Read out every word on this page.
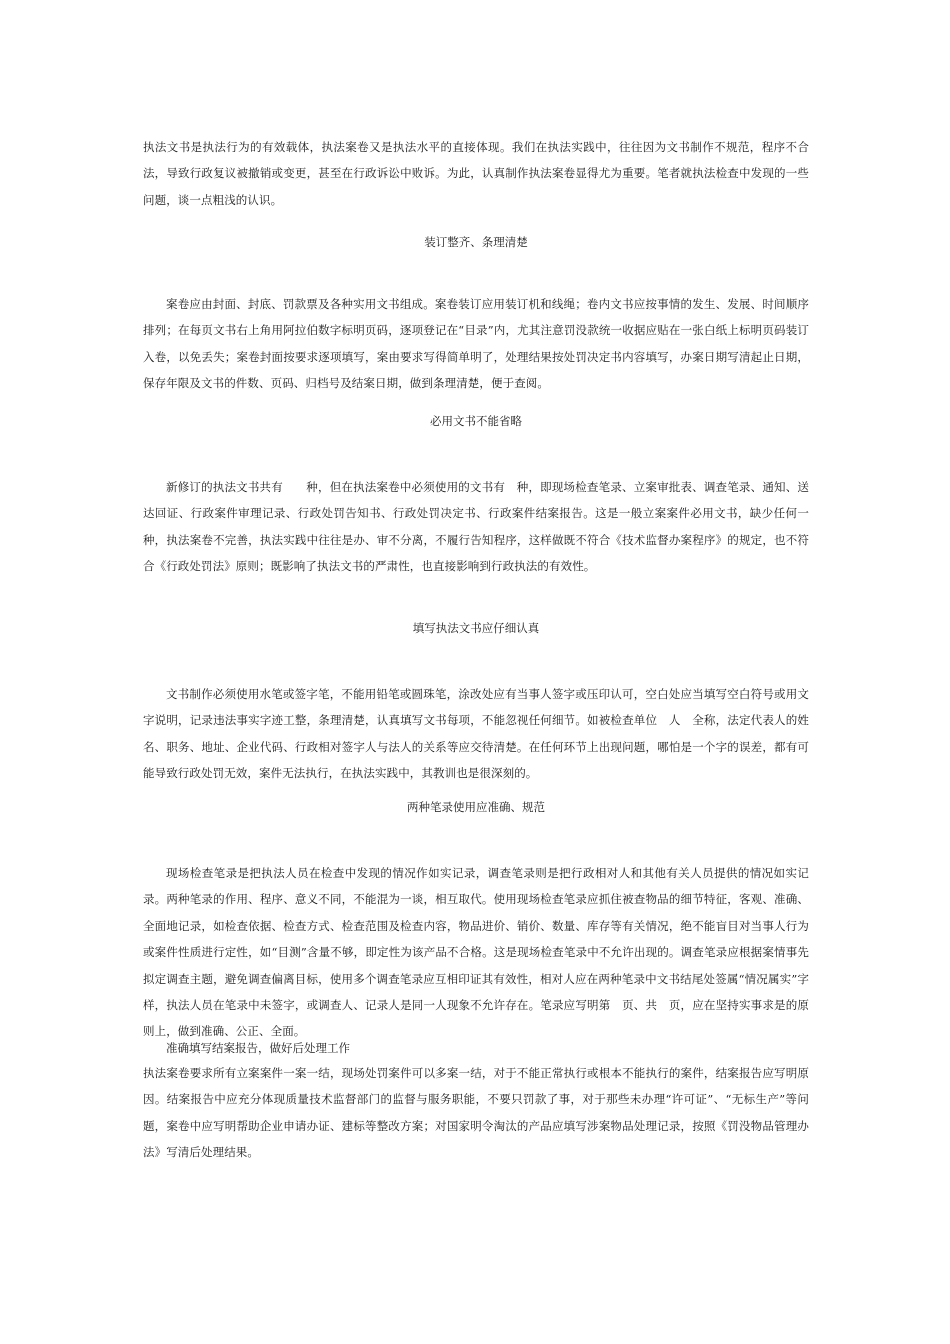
执法文书是执法行为的有效载体，执法案卷又是执法水平的直接体现。我们在执法实践中，往往因为文书制作不规范，程序不合法，导致行政复议被撤销或变更，甚至在行政诉讼中败诉。为此，认真制作执法案卷显得尤为重要。笔者就执法检查中发现的一些问题，谈一点粗浅的认识。

装订整齐、条理清楚

案卷应由封面、封底、罚款票及各种实用文书组成。案卷装订应用装订机和线绳；卷内文书应按事情的发生、发展、时间顺序排列；在每页文书右上角用阿拉伯数字标明页码，逐项登记在“目录”内，尤其注意罚没款统一收据应贴在一张白纸上标明页码装订入卷，以免丢失；案卷封面按要求逐项填写，案由要求写得简单明了，处理结果按处罚决定书内容填写，办案日期写清起止日期，保存年限及文书的件数、页码、归档号及结案日期，做到条理清楚，便于查阅。

必用文书不能省略

新修订的执法文书共有　　种，但在执法案卷中必须使用的文书有　种，即现场检查笔录、立案审批表、调查笔录、通知、送达回证、行政案件审理记录、行政处罚告知书、行政处罚决定书、行政案件结案报告。这是一般立案案件必用文书，缺少任何一种，执法案卷不完善，执法实践中往往是办、审不分离，不履行告知程序，这样做既不符合《技术监督办案程序》的规定，也不符合《行政处罚法》原则；既影响了执法文书的严肃性，也直接影响到行政执法的有效性。

填写执法文书应仔细认真

文书制作必须使用水笔或签字笔，不能用铅笔或圆珠笔，涂改处应有当事人签字或压印认可，空白处应当填写空白符号或用文字说明，记录违法事实字迹工整，条理清楚，认真填写文书每项，不能忽视任何细节。如被检查单位　人　全称，法定代表人的姓名、职务、地址、企业代码、行政相对签字人与法人的关系等应交待清楚。在任何环节上出现问题，哪怕是一个字的误差，都有可能导致行政处罚无效，案件无法执行，在执法实践中，其教训也是很深刻的。

两种笔录使用应准确、规范

现场检查笔录是把执法人员在检查中发现的情况作如实记录，调查笔录则是把行政相对人和其他有关人员提供的情况如实记录。两种笔录的作用、程序、意义不同，不能混为一谈，相互取代。使用现场检查笔录应抓住被查物品的细节特征，客观、准确、全面地记录，如检查依据、检查方式、检查范围及检查内容，物品进价、销价、数量、库存等有关情况，绝不能盲目对当事人行为或案件性质进行定性，如“目测”含量不够，即定性为该产品不合格。这是现场检查笔录中不允许出现的。调查笔录应根据案情事先拟定调查主题，避免调查偏离目标，使用多个调查笔录应互相印证其有效性，相对人应在两种笔录中文书结尾处签属“情况属实”字样，执法人员在笔录中未签字，或调查人、记录人是同一人现象不允许存在。笔录应写明第　页、共　页，应在坚持实事求是的原则上，做到准确、公正、全面。

准确填写结案报告，做好后处理工作

执法案卷要求所有立案案件一案一结，现场处罚案件可以多案一结，对于不能正常执行或根本不能执行的案件，结案报告应写明原因。结案报告中应充分体现质量技术监督部门的监督与服务职能，不要只罚款了事，对于那些未办理“许可证”、“无标生产”等问题，案卷中应写明帮助企业申请办证、建标等整改方案；对国家明令淘汰的产品应填写涉案物品处理记录，按照《罚没物品管理办法》写清后处理结果。
